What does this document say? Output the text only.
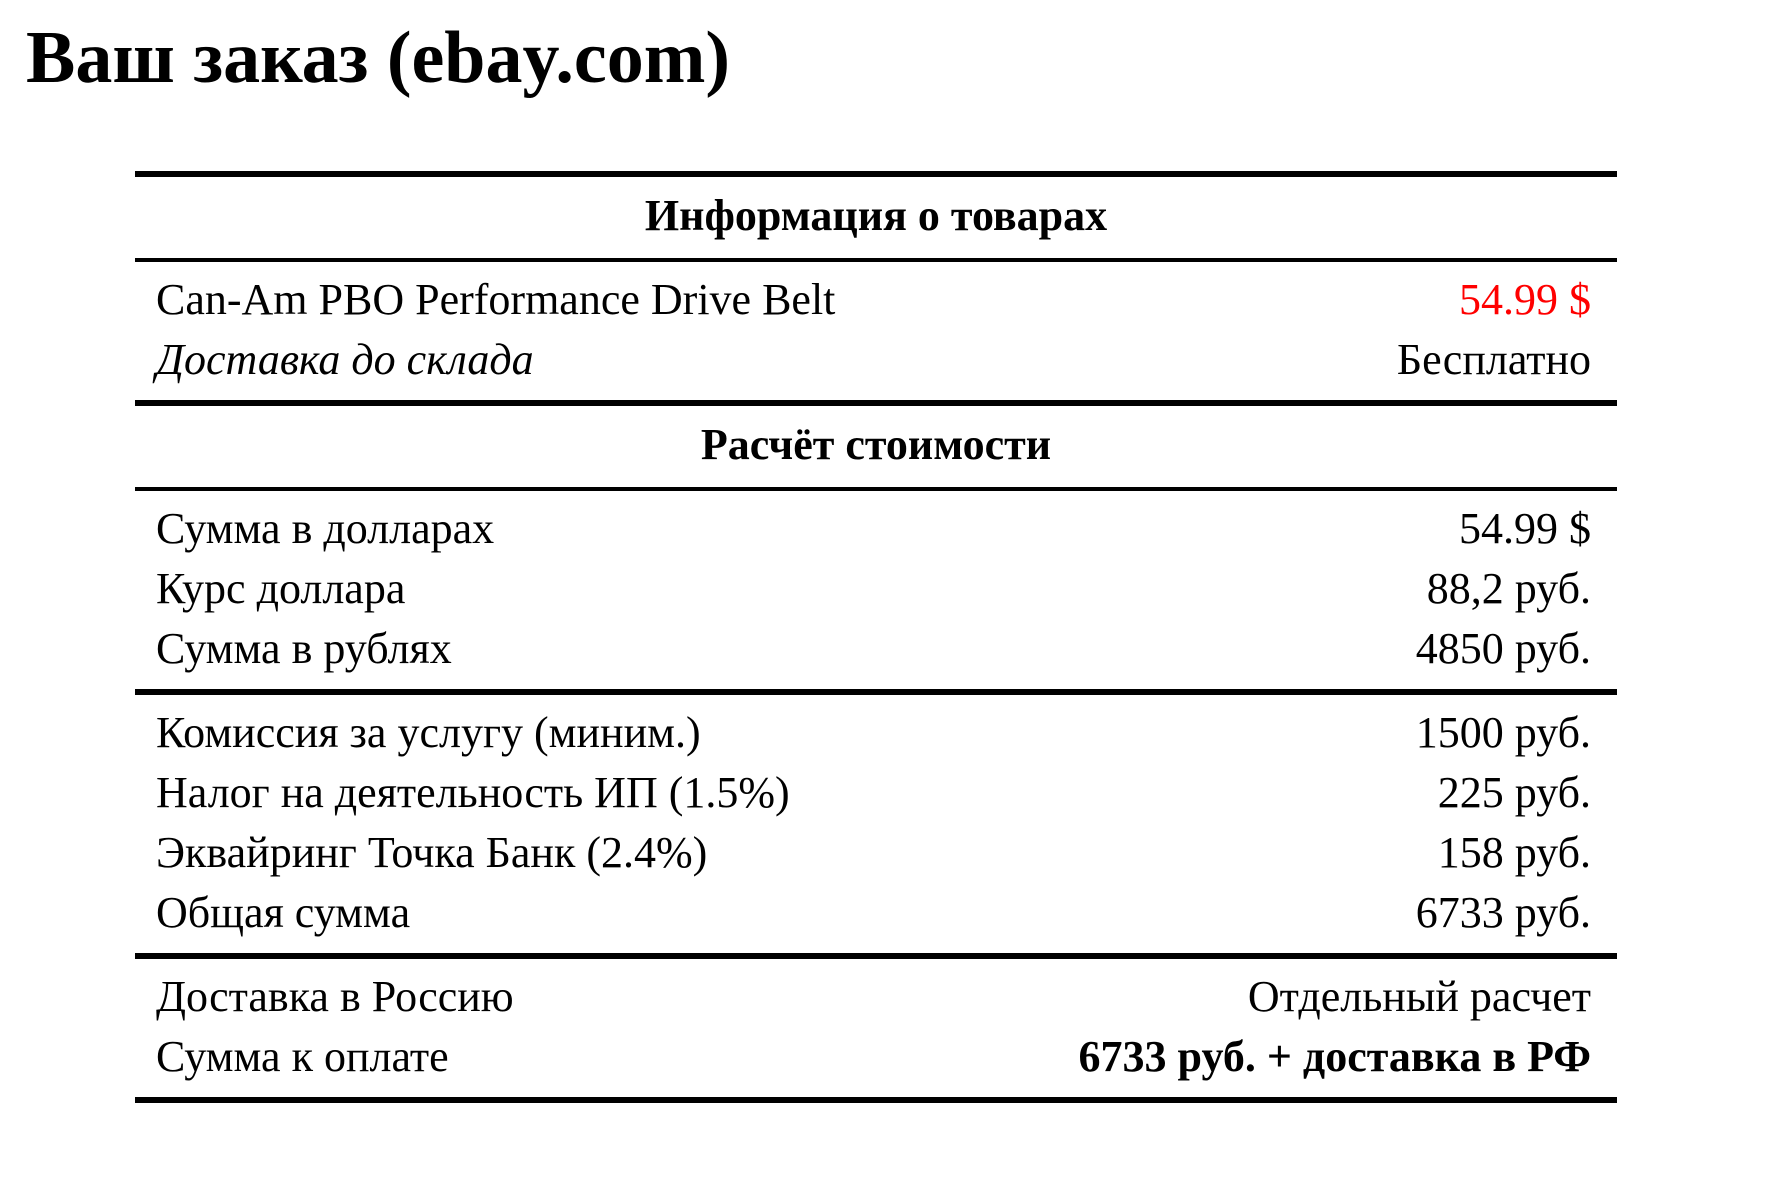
Ваш заказ (ebay.com)
Информация о товарах
Can-Am PBO Performance Drive Belt	54.99 $
Доставка до склада	Бесплатно
Расчёт стоимости
Сумма в долларах	54.99 $
Курс доллара	88,2 руб.
Сумма в рублях	4850 руб.
Комиссия за услугу (миним.)	1500 руб.
Налог на деятельность ИП (1.5%)	225 руб.
Эквайринг Точка Банк (2.4%)	158 руб.
Общая сумма	6733 руб.
Доставка в Россию	Отдельный расчет
Сумма к оплате	6733 руб. + доставка в РФ
